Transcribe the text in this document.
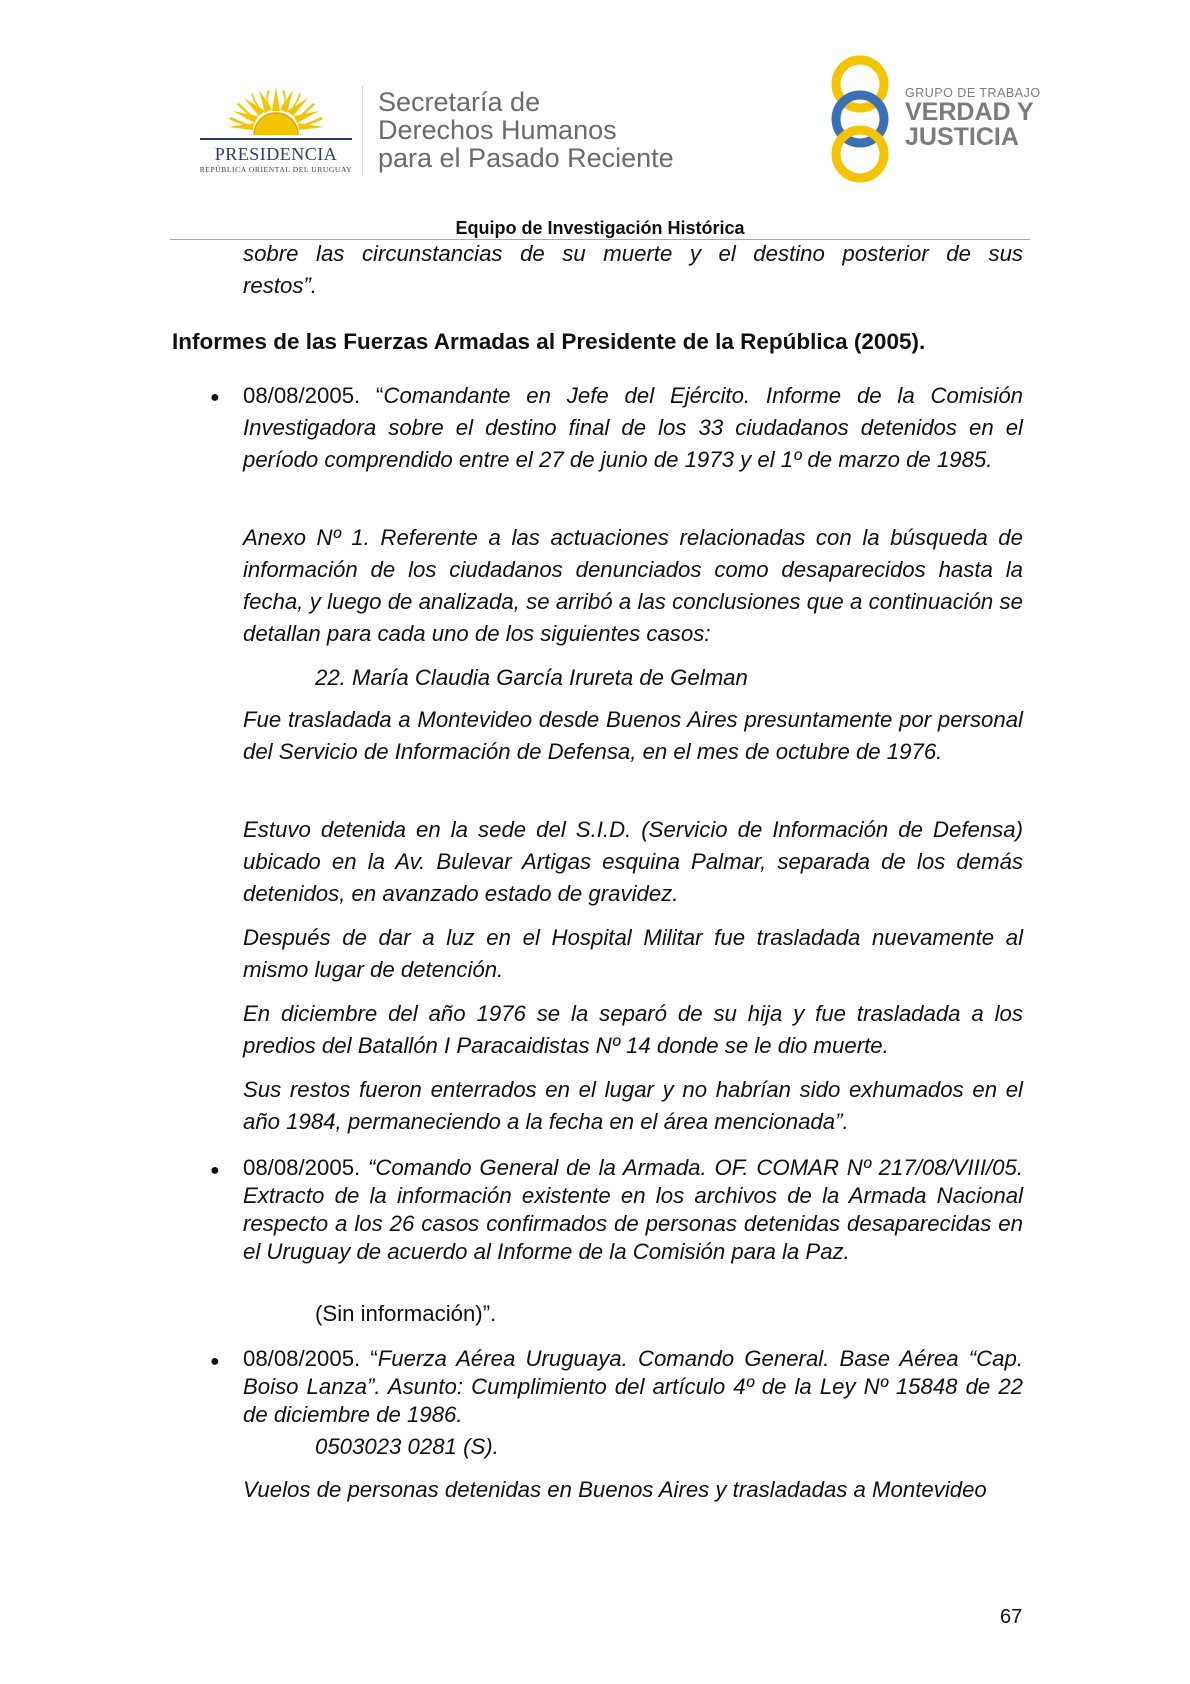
PRESIDENCIA
REPÚBLICA ORIENTAL DEL URUGUAY
Secretaría de
Derechos Humanos
para el Pasado Reciente
GRUPO DE TRABAJO
VERDAD Y
JUSTICIA
Equipo de Investigación Histórica
sobre las circunstancias de su muerte y el destino posterior de sus
restos”.
Informes de las Fuerzas Armadas al Presidente de la República (2005).
● 08/08/2005. “Comandante en Jefe del Ejército. Informe de la Comisión Investigadora sobre el destino final de los 33 ciudadanos detenidos en el período comprendido entre el 27 de junio de 1973 y el 1º de marzo de 1985.
Anexo Nº 1. Referente a las actuaciones relacionadas con la búsqueda de información de los ciudadanos denunciados como desaparecidos hasta la fecha, y luego de analizada, se arribó a las conclusiones que a continuación se detallan para cada uno de los siguientes casos:
22. María Claudia García Irureta de Gelman
Fue trasladada a Montevideo desde Buenos Aires presuntamente por personal del Servicio de Información de Defensa, en el mes de octubre de 1976.
Estuvo detenida en la sede del S.I.D. (Servicio de Información de Defensa) ubicado en la Av. Bulevar Artigas esquina Palmar, separada de los demás detenidos, en avanzado estado de gravidez.
Después de dar a luz en el Hospital Militar fue trasladada nuevamente al mismo lugar de detención.
En diciembre del año 1976 se la separó de su hija y fue trasladada a los predios del Batallón I Paracaidistas Nº 14 donde se le dio muerte.
Sus restos fueron enterrados en el lugar y no habrían sido exhumados en el año 1984, permaneciendo a la fecha en el área mencionada”.
● 08/08/2005. “Comando General de la Armada. OF. COMAR Nº 217/08/VIII/05. Extracto de la información existente en los archivos de la Armada Nacional respecto a los 26 casos confirmados de personas detenidas desaparecidas en el Uruguay de acuerdo al Informe de la Comisión para la Paz.
(Sin información)”.
● 08/08/2005. “Fuerza Aérea Uruguaya. Comando General. Base Aérea “Cap. Boiso Lanza”. Asunto: Cumplimiento del artículo 4º de la Ley Nº 15848 de 22 de diciembre de 1986.
0503023 0281 (S).
Vuelos de personas detenidas en Buenos Aires y trasladadas a Montevideo
67
